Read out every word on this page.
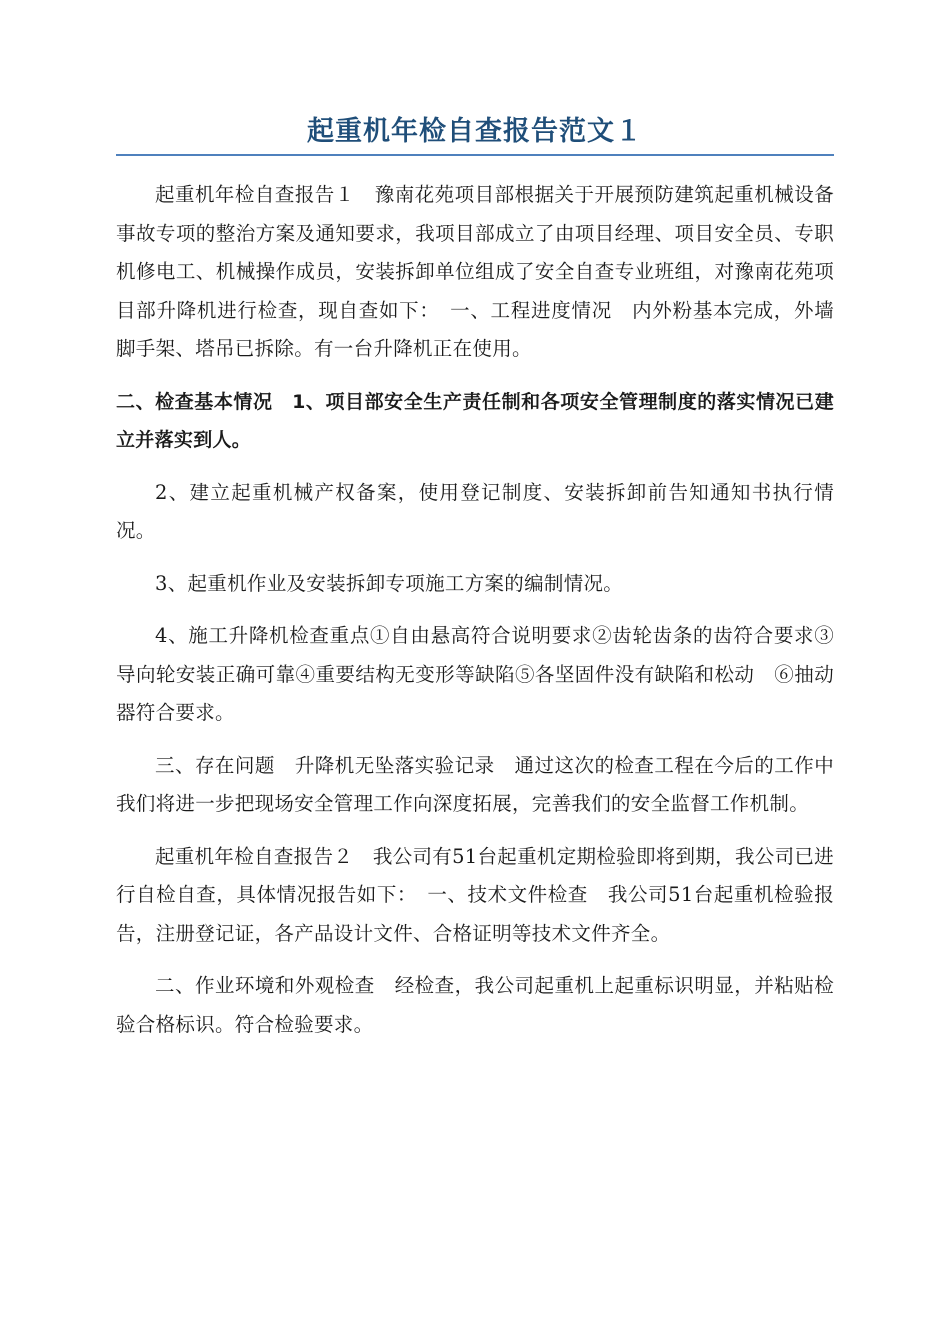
起重机年检自查报告范文１

起重机年检自查报告１　豫南花苑项目部根据关于开展预防建筑起重机械设备事故专项的整治方案及通知要求，我项目部成立了由项目经理、项目安全员、专职机修电工、机械操作成员，安装拆卸单位组成了安全自查专业班组，对豫南花苑项目部升降机进行检查，现自查如下：　一、工程进度情况　内外粉基本完成，外墙脚手架、塔吊已拆除。有一台升降机正在使用。

二、检查基本情况　1、项目部安全生产责任制和各项安全管理制度的落实情况已建立并落实到人。

2、建立起重机械产权备案，使用登记制度、安装拆卸前告知通知书执行情况。

3、起重机作业及安装拆卸专项施工方案的编制情况。

4、施工升降机检查重点①自由悬高符合说明要求②齿轮齿条的齿符合要求③导向轮安装正确可靠④重要结构无变形等缺陷⑤各坚固件没有缺陷和松动　⑥抽动器符合要求。

三、存在问题　升降机无坠落实验记录　通过这次的检查工程在今后的工作中我们将进一步把现场安全管理工作向深度拓展，完善我们的安全监督工作机制。

起重机年检自查报告２　我公司有51台起重机定期检验即将到期，我公司已进行自检自查，具体情况报告如下：　一、技术文件检查　我公司51台起重机检验报告，注册登记证，各产品设计文件、合格证明等技术文件齐全。

二、作业环境和外观检查　经检查，我公司起重机上起重标识明显，并粘贴检验合格标识。符合检验要求。
